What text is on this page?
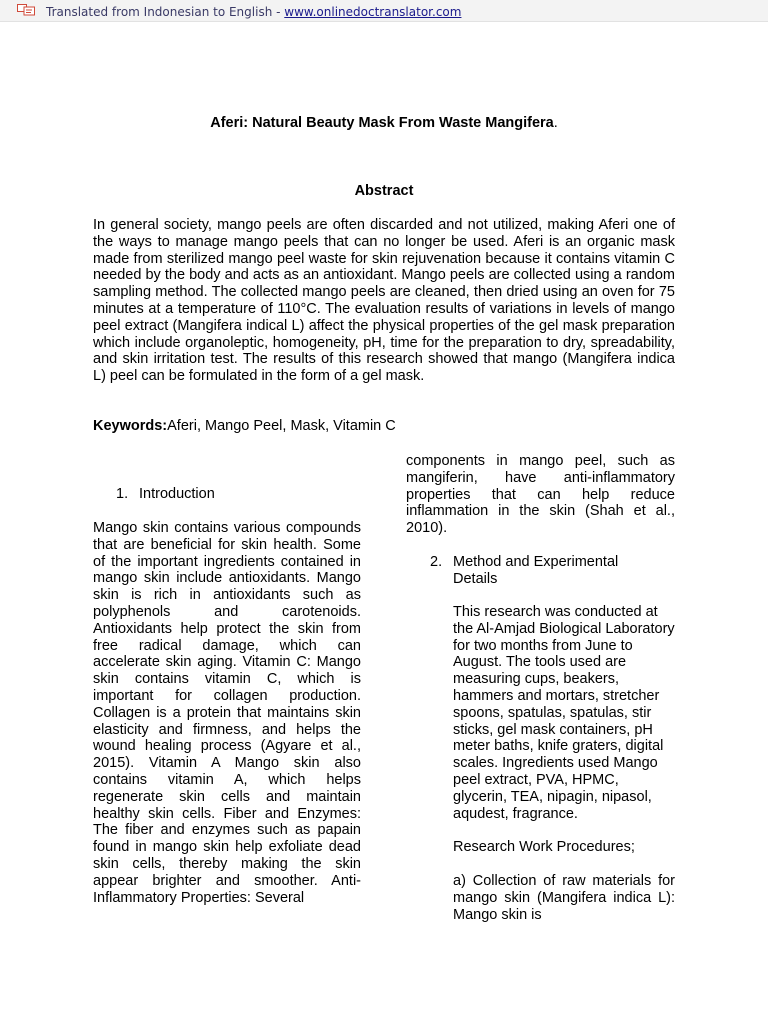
Translated from Indonesian to English - www.onlinedoctranslator.com
Aferi: Natural Beauty Mask From Waste Mangifera.
Abstract

In general society, mango peels are often discarded and not utilized, making Aferi one of the ways to manage mango peels that can no longer be used. Aferi is an organic mask made from sterilized mango peel waste for skin rejuvenation because it contains vitamin C needed by the body and acts as an antioxidant. Mango peels are collected using a random sampling method. The collected mango peels are cleaned, then dried using an oven for 75 minutes at a temperature of 110°C. The evaluation results of variations in levels of mango peel extract (Mangifera indical L) affect the physical properties of the gel mask preparation which include organoleptic, homogeneity, pH, time for the preparation to dry, spreadability, and skin irritation test. The results of this research showed that mango (Mangifera indica L) peel can be formulated in the form of a gel mask.

Keywords:Aferi, Mango Peel, Mask, Vitamin C
1. Introduction

Mango skin contains various compounds that are beneficial for skin health. Some of the important ingredients contained in mango skin include antioxidants. Mango skin is rich in antioxidants such as polyphenols and carotenoids. Antioxidants help protect the skin from free radical damage, which can accelerate skin aging. Vitamin C: Mango skin contains vitamin C, which is important for collagen production. Collagen is a protein that maintains skin elasticity and firmness, and helps the wound healing process (Agyare et al., 2015). Vitamin A Mango skin also contains vitamin A, which helps regenerate skin cells and maintain healthy skin cells. Fiber and Enzymes: The fiber and enzymes such as papain found in mango skin help exfoliate dead skin cells, thereby making the skin appear brighter and smoother. Anti-Inflammatory Properties: Several

components in mango peel, such as mangiferin, have anti-inflammatory properties that can help reduce inflammation in the skin (Shah et al., 2010).

2. Method and Experimental Details

This research was conducted at the Al-Amjad Biological Laboratory for two months from June to August. The tools used are measuring cups, beakers, hammers and mortars, stretcher spoons, spatulas, spatulas, stir sticks, gel mask containers, pH meter baths, knife graters, digital scales. Ingredients used Mango peel extract, PVA, HPMC, glycerin, TEA, nipagin, nipasol, aqudest, fragrance.

Research Work Procedures;

a) Collection of raw materials for mango skin (Mangifera indica L): Mango skin is
